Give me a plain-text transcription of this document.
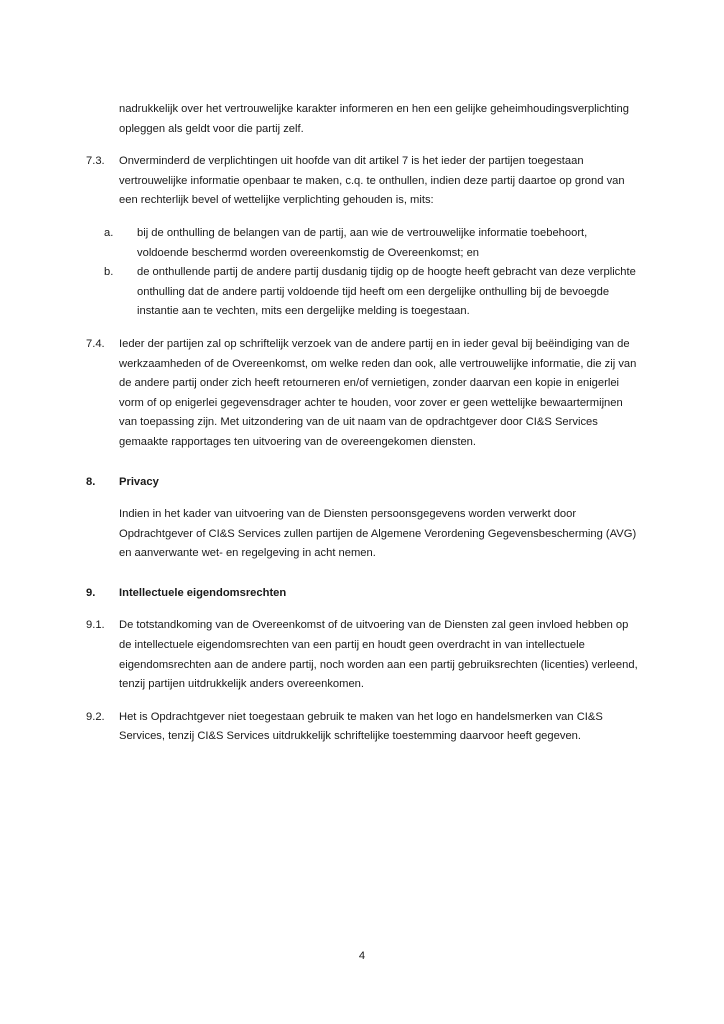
nadrukkelijk over het vertrouwelijke karakter informeren en hen een gelijke geheimhoudingsverplichting opleggen als geldt voor die partij zelf.
7.3.	Onverminderd de verplichtingen uit hoofde van dit artikel 7 is het ieder der partijen toegestaan vertrouwelijke informatie openbaar te maken, c.q. te onthullen, indien deze partij daartoe op grond van een rechterlijk bevel of wettelijke verplichting gehouden is, mits:
a.	bij de onthulling de belangen van de partij, aan wie de vertrouwelijke informatie toebehoort, voldoende beschermd worden overeenkomstig de Overeenkomst; en
b.	de onthullende partij de andere partij dusdanig tijdig op de hoogte heeft gebracht van deze verplichte onthulling dat de andere partij voldoende tijd heeft om een dergelijke onthulling bij de bevoegde instantie aan te vechten, mits een dergelijke melding is toegestaan.
7.4.	Ieder der partijen zal op schriftelijk verzoek van de andere partij en in ieder geval bij beëindiging van de werkzaamheden of de Overeenkomst, om welke reden dan ook, alle vertrouwelijke informatie, die zij van de andere partij onder zich heeft retourneren en/of vernietigen, zonder daarvan een kopie in enigerlei vorm of op enigerlei gegevensdrager achter te houden, voor zover er geen wettelijke bewaartermijnen van toepassing zijn. Met uitzondering van de uit naam van de opdrachtgever door CI&S Services gemaakte rapportages ten uitvoering van de overeengekomen diensten.
8.	Privacy
Indien in het kader van uitvoering van de Diensten persoonsgegevens worden verwerkt door Opdrachtgever of CI&S Services zullen partijen de Algemene Verordening Gegevensbescherming (AVG) en aanverwante wet- en regelgeving in acht nemen.
9.	Intellectuele eigendomsrechten
9.1.	De totstandkoming van de Overeenkomst of de uitvoering van de Diensten zal geen invloed hebben op de intellectuele eigendomsrechten van een partij en houdt geen overdracht in van intellectuele eigendomsrechten aan de andere partij, noch worden aan een partij gebruiksrechten (licenties) verleend, tenzij partijen uitdrukkelijk anders overeenkomen.
9.2.	Het is Opdrachtgever niet toegestaan gebruik te maken van het logo en handelsmerken van CI&S Services, tenzij CI&S Services uitdrukkelijk schriftelijke toestemming daarvoor heeft gegeven.
4
